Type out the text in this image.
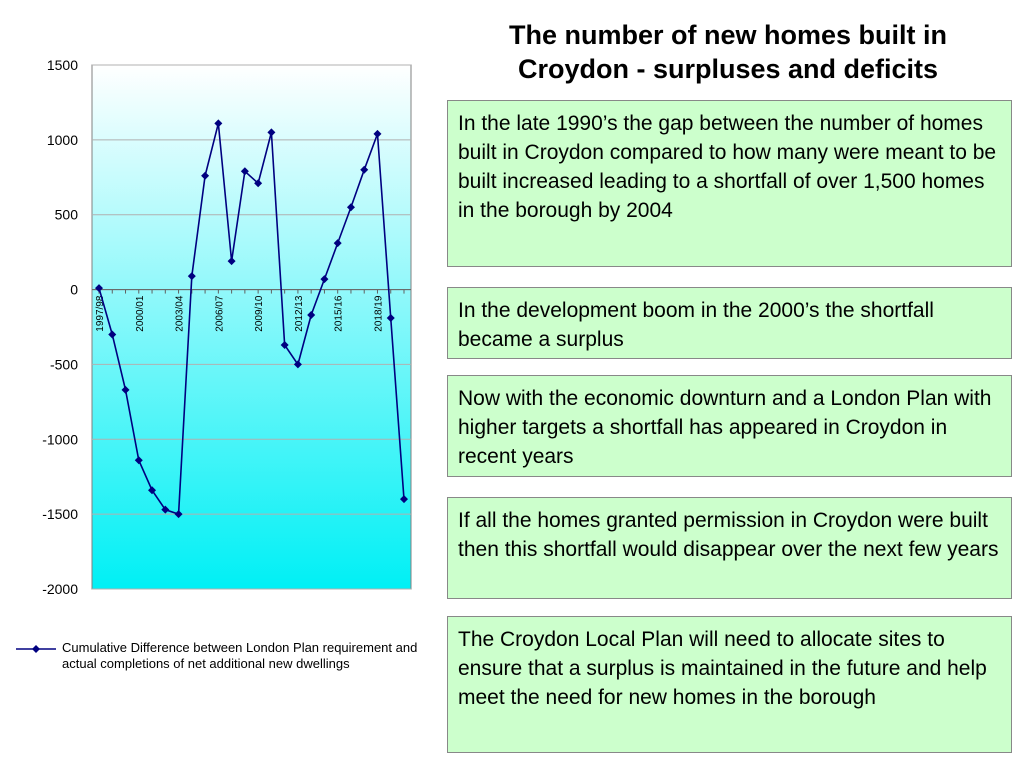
The number of new homes built in
Croydon - surpluses and deficits
1500
1000
500
0
-500
-1000
-1500
-2000
1997/98	2000/01	2003/04	2006/07	2009/10	2012/13	2015/16	2018/19
In the late 1990’s the gap between the number of homes built in Croydon compared to how many were meant to be built increased leading to a shortfall of over 1,500 homes in the borough by 2004
In the development boom in the 2000’s the shortfall became a surplus
Now with the economic downturn and a London Plan with higher targets a shortfall has appeared in Croydon in recent years
If all the homes granted permission in Croydon were built then this shortfall would disappear over the next few years
The Croydon Local Plan will need to allocate sites to ensure that a surplus is maintained in the future and help meet the need for new homes in the borough
Cumulative Difference between London Plan requirement and actual completions of net additional new dwellings
